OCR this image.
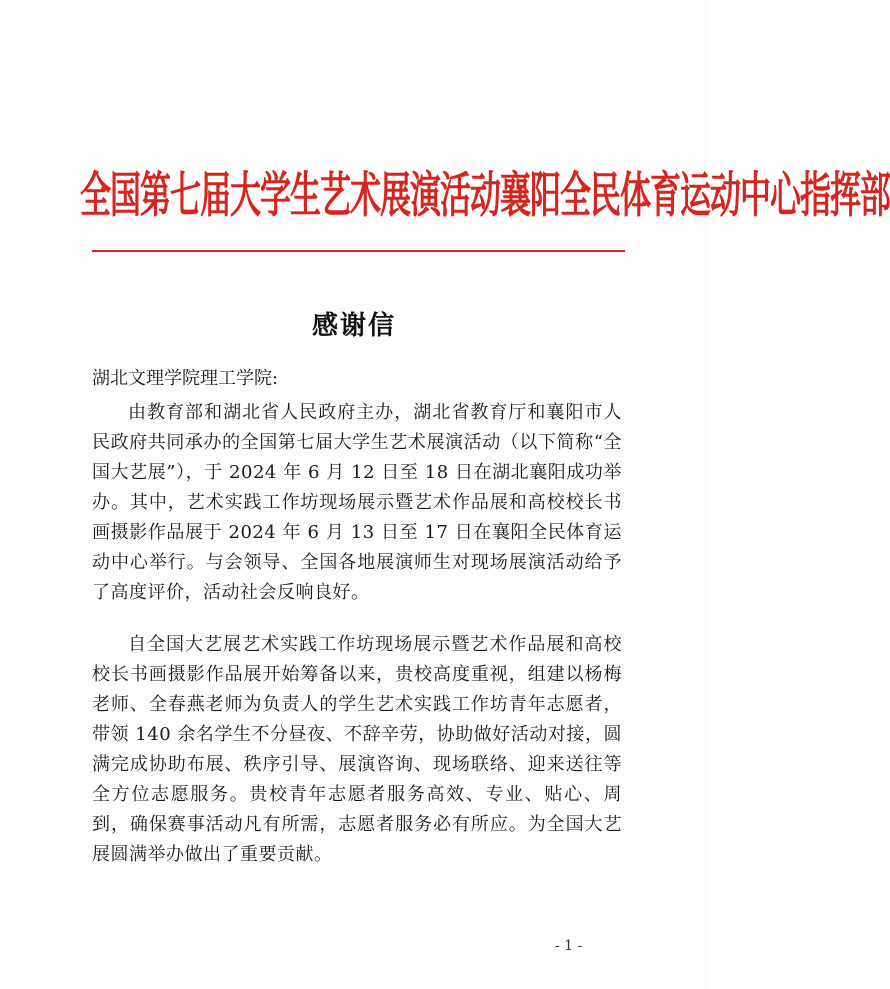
全国第七届大学生艺术展演活动襄阳全民体育运动中心指挥部
感谢信
湖北文理学院理工学院:

由教育部和湖北省人民政府主办，湖北省教育厅和襄阳市人民政府共同承办的全国第七届大学生艺术展演活动（以下简称“全国大艺展”），于 2024 年 6 月 12 日至 18 日在湖北襄阳成功举办。其中，艺术实践工作坊现场展示暨艺术作品展和高校校长书画摄影作品展于 2024 年 6 月 13 日至 17 日在襄阳全民体育运动中心举行。与会领导、全国各地展演师生对现场展演活动给予了高度评价，活动社会反响良好。

自全国大艺展艺术实践工作坊现场展示暨艺术作品展和高校校长书画摄影作品展开始筹备以来，贵校高度重视，组建以杨梅老师、全春燕老师为负责人的学生艺术实践工作坊青年志愿者，带领 140 余名学生不分昼夜、不辞辛劳，协助做好活动对接，圆满完成协助布展、秩序引导、展演咨询、现场联络、迎来送往等全方位志愿服务。贵校青年志愿者服务高效、专业、贴心、周到，确保赛事活动凡有所需，志愿者服务必有所应。为全国大艺展圆满举办做出了重要贡献。

- 1 -
